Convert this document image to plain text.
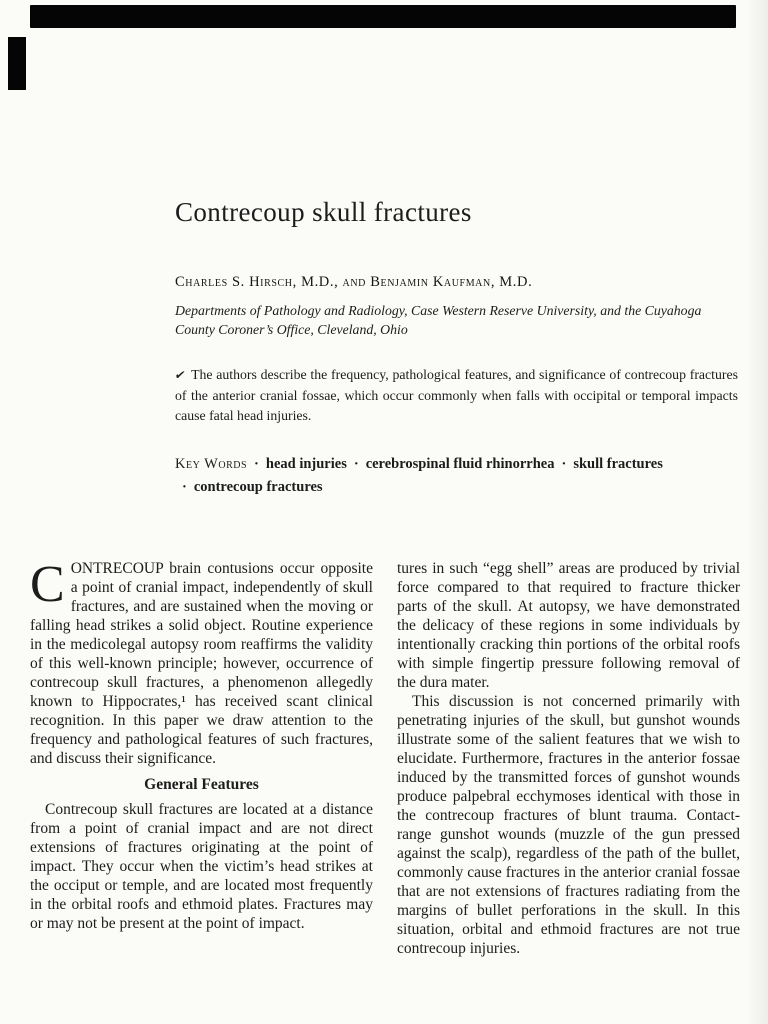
Contrecoup skull fractures
Charles S. Hirsch, M.D., and Benjamin Kaufman, M.D.
Departments of Pathology and Radiology, Case Western Reserve University, and the Cuyahoga County Coroner’s Office, Cleveland, Ohio
✔ The authors describe the frequency, pathological features, and significance of contrecoup fractures of the anterior cranial fossae, which occur commonly when falls with occipital or temporal impacts cause fatal head injuries.
Key Words · head injuries · cerebrospinal fluid rhinorrhea · skull fractures· contrecoup fractures

CONTRECOUP brain contusions occur opposite a point of cranial impact, independently of skull fractures, and are sustained when the moving or falling head strikes a solid object. Routine experience in the medicolegal autopsy room reaffirms the validity of this well-known principle; however, occurrence of contrecoup skull fractures, a phenomenon allegedly known to Hippocrates,¹ has received scant clinical recognition. In this paper we draw attention to the frequency and pathological features of such fractures, and discuss their significance.

General Features

Contrecoup skull fractures are located at a distance from a point of cranial impact and are not direct extensions of fractures originating at the point of impact. They occur when the victim’s head strikes at the occiput or temple, and are located most frequently in the orbital roofs and ethmoid plates. Fractures may or may not be present at the point of impact.

tures in such “egg shell” areas are produced by trivial force compared to that required to fracture thicker parts of the skull. At autopsy, we have demonstrated the delicacy of these regions in some individuals by intentionally cracking thin portions of the orbital roofs with simple fingertip pressure following removal of the dura mater.

This discussion is not concerned primarily with penetrating injuries of the skull, but gunshot wounds illustrate some of the salient features that we wish to elucidate. Furthermore, fractures in the anterior fossae induced by the transmitted forces of gunshot wounds produce palpebral ecchymoses identical with those in the contrecoup fractures of blunt trauma. Contact-range gunshot wounds (muzzle of the gun pressed against the scalp), regardless of the path of the bullet, commonly cause fractures in the anterior cranial fossae that are not extensions of fractures radiating from the margins of bullet perforations in the skull. In this situation, orbital and ethmoid fractures are not true contrecoup injuries.
